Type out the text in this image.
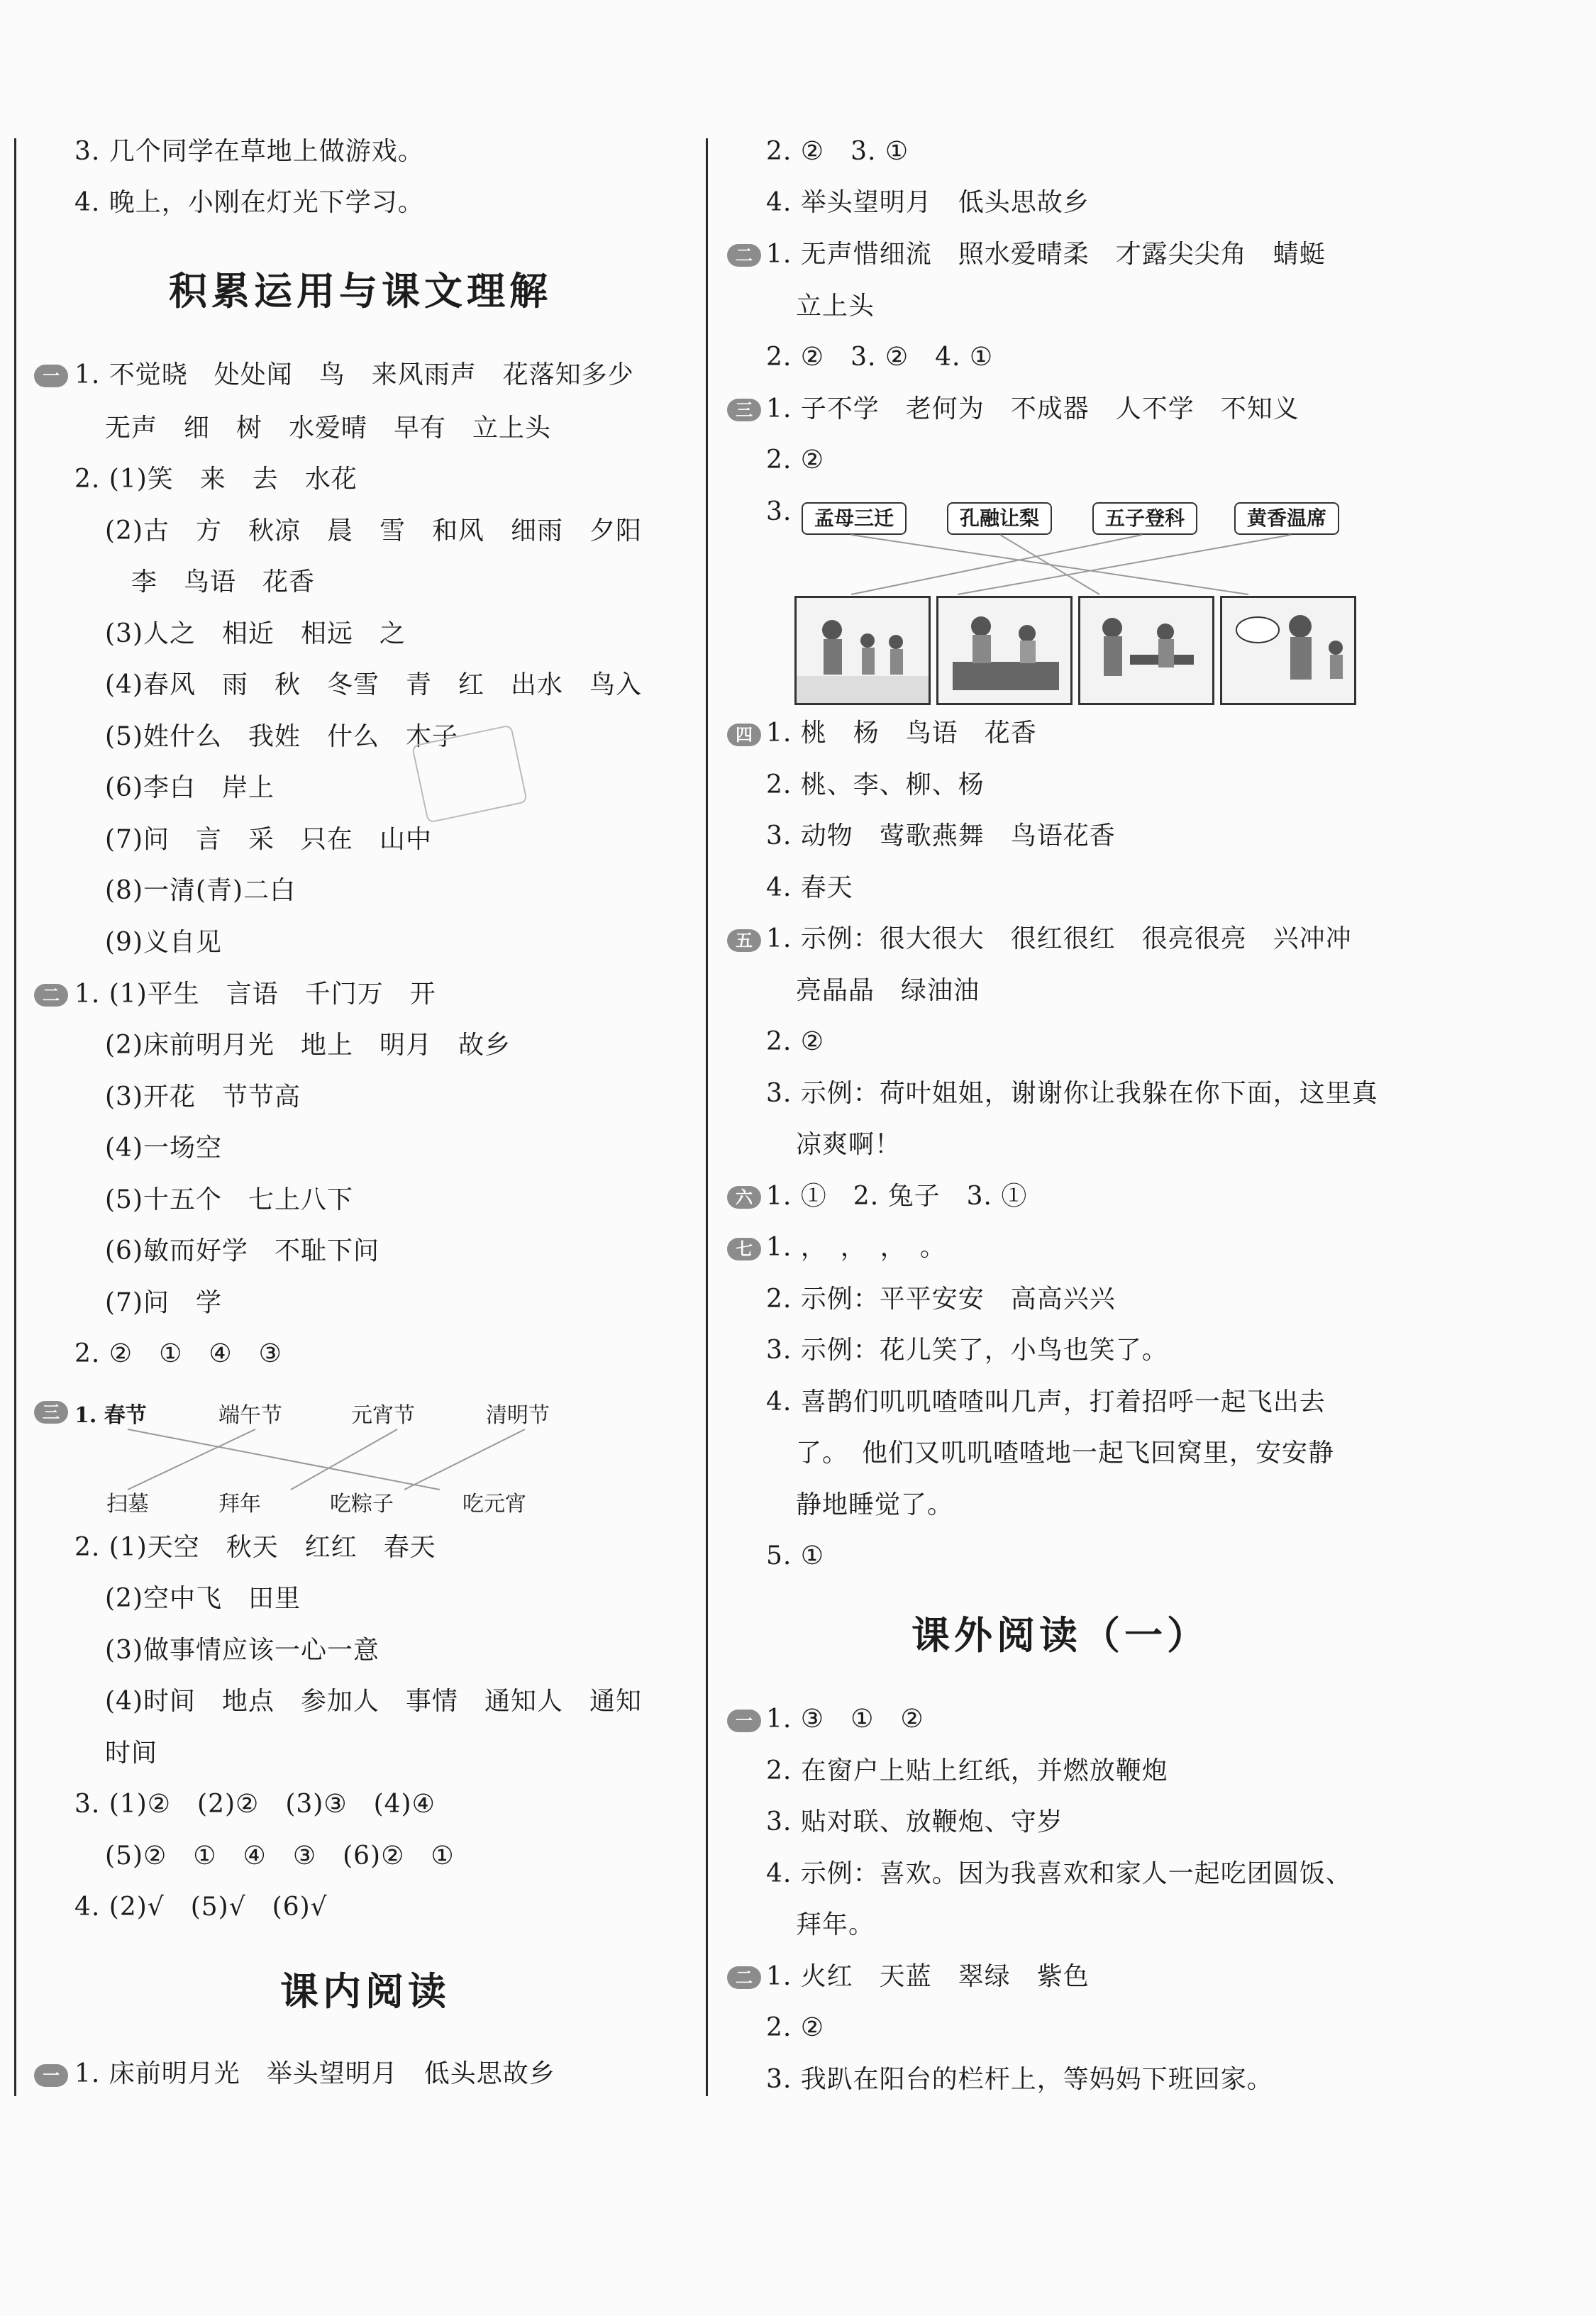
3. 几个同学在草地上做游戏。
4. 晚上，小刚在灯光下学习。
积累运用与课文理解
一 1. 不觉晓　处处闻　鸟　来风雨声　花落知多少
无声　细　树　水爱晴　早有　立上头
2. (1)笑　来　去　水花
(2)古　方　秋凉　晨　雪　和风　细雨　夕阳
李　鸟语　花香
(3)人之　相近　相远　之
(4)春风　雨　秋　冬雪　青　红　出水　鸟入
(5)姓什么　我姓　什么　木子
(6)李白　岸上
(7)问　言　采　只在　山中
(8)一清(青)二白
(9)义自见
二 1. (1)平生　言语　千门万　开
(2)床前明月光　地上　明月　故乡
(3)开花　节节高
(4)一场空
(5)十五个　七上八下
(6)敏而好学　不耻下问
(7)问　学
2. ②　①　④　③
三 1. 春节	端午节	元宵节	清明节
扫墓	拜年	吃粽子	吃元宵
2. (1)天空　秋天　红红　春天
(2)空中飞　田里
(3)做事情应该一心一意
(4)时间　地点　参加人　事情　通知人　通知
时间
3. (1)②　(2)②　(3)③　(4)④
(5)②　①　④　③　(6)②　①
4. (2)√　(5)√　(6)√
课内阅读
一 1. 床前明月光　举头望明月　低头思故乡
2. ②　3. ①
4. 举头望明月　低头思故乡
二 1. 无声惜细流　照水爱晴柔　才露尖尖角　蜻蜓
立上头
2. ②　3. ②　4. ①
三 1. 子不学　老何为　不成器　人不学　不知义
2. ②
3.	孟母三迁	孔融让梨	五子登科	黄香温席
四 1. 桃　杨　鸟语　花香
2. 桃、李、柳、杨
3. 动物　莺歌燕舞　鸟语花香
4. 春天
五 1. 示例：很大很大　很红很红　很亮很亮　兴冲冲
亮晶晶　绿油油
2. ②
3. 示例：荷叶姐姐，谢谢你让我躲在你下面，这里真
凉爽啊！
六 1. ①　2. 兔子　3. ①
七 1. ，　，　，　。
2. 示例：平平安安　高高兴兴
3. 示例：花儿笑了，小鸟也笑了。
4. 喜鹊们叽叽喳喳叫几声，打着招呼一起飞出去
了。　他们又叽叽喳喳地一起飞回窝里，安安静
静地睡觉了。
5. ①
课外阅读（一）
一 1. ③　①　②
2. 在窗户上贴上红纸，并燃放鞭炮
3. 贴对联、放鞭炮、守岁
4. 示例：喜欢。因为我喜欢和家人一起吃团圆饭、
拜年。
二 1. 火红　天蓝　翠绿　紫色
2. ②
3. 我趴在阳台的栏杆上，等妈妈下班回家。
